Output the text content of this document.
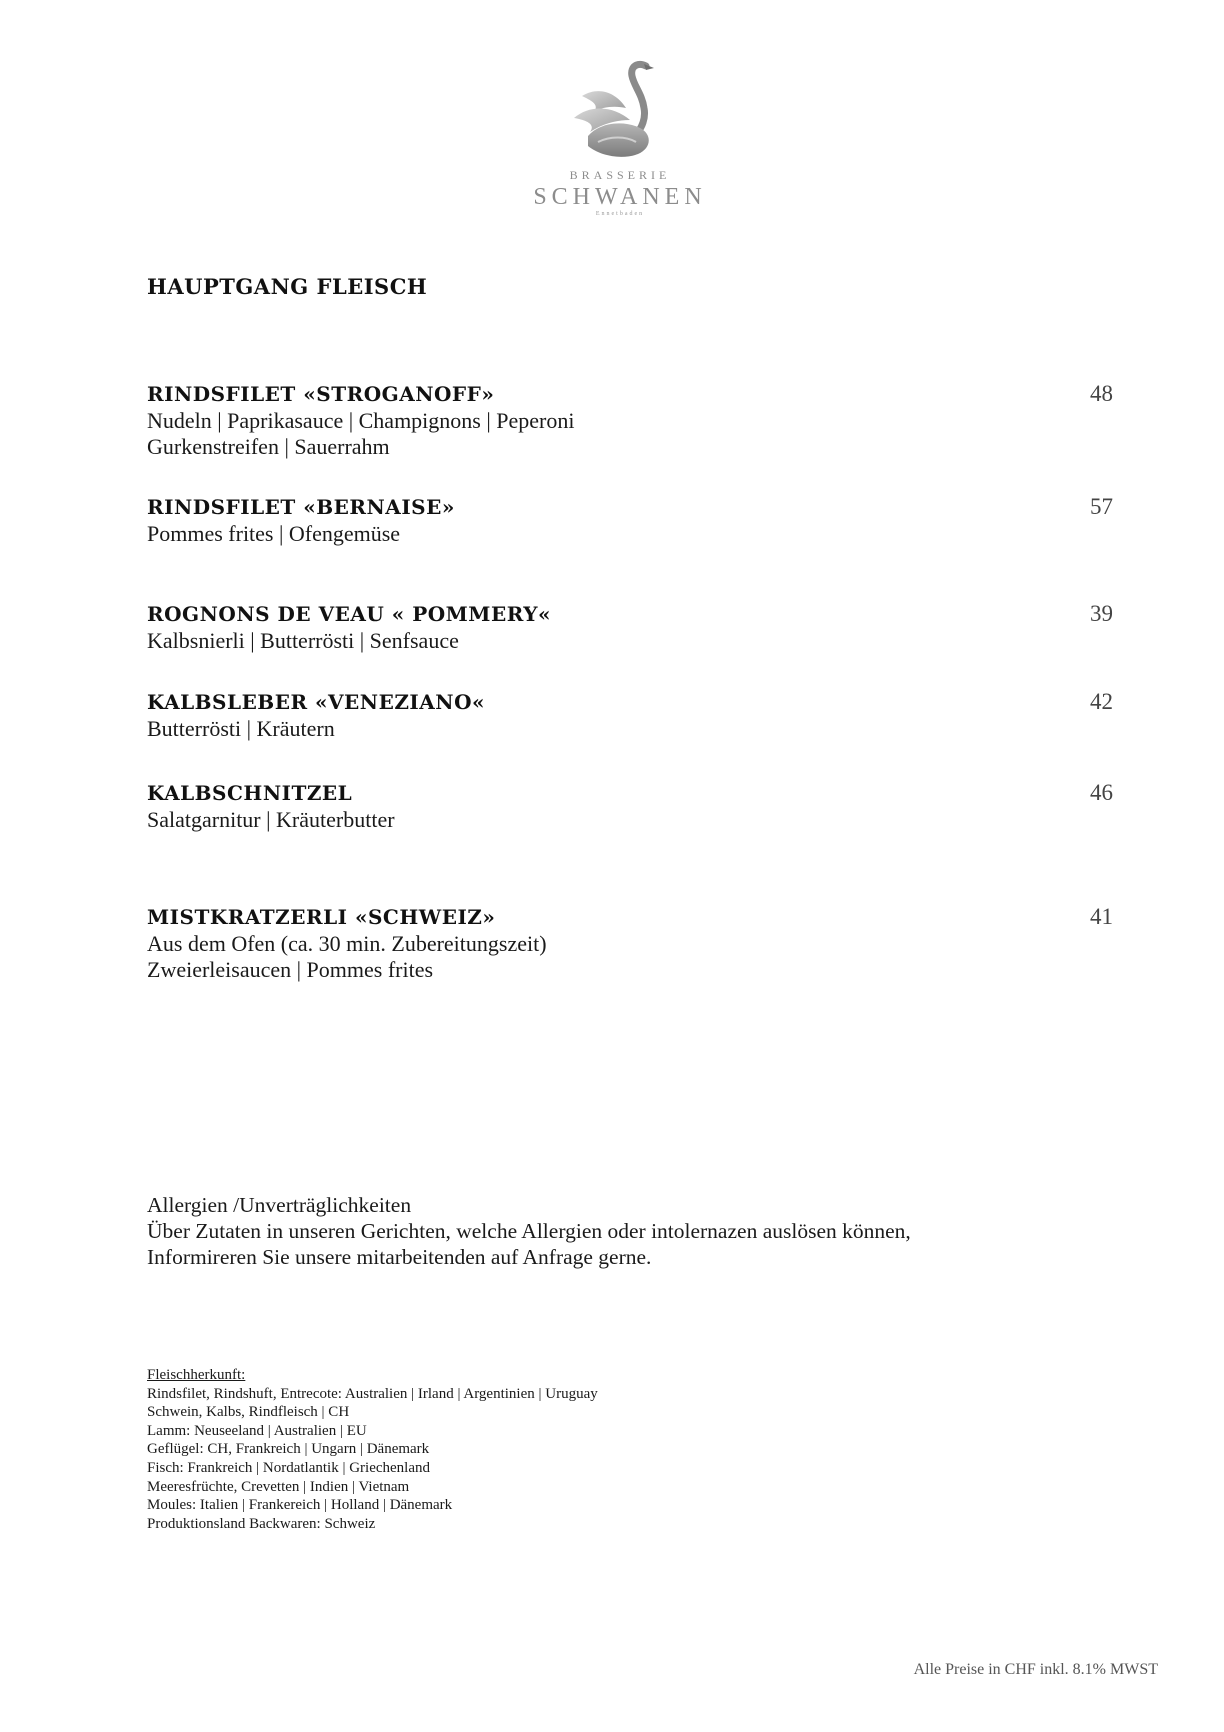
BRASSERIE
SCHWANEN
Ennetbaden
HAUPTGANG FLEISCH
RINDSFILET «STROGANOFF»
Nudeln | Paprikasauce | Champignons | Peperoni
Gurkenstreifen | Sauerrahm
48
RINDSFILET «BERNAISE»
Pommes frites | Ofengemüse
57
ROGNONS DE VEAU « POMMERY«
Kalbsnierli | Butterrösti | Senfsauce
39
KALBSLEBER «VENEZIANO«
Butterrösti | Kräutern
42
KALBSCHNITZEL
Salatgarnitur | Kräuterbutter
46
MISTKRATZERLI «SCHWEIZ»
Aus dem Ofen (ca. 30 min. Zubereitungszeit)
Zweierleisaucen | Pommes frites
41
Allergien /Unverträglichkeiten
Über Zutaten in unseren Gerichten, welche Allergien oder intolernazen auslösen können,
Informireren Sie unsere mitarbeitenden auf Anfrage gerne.
Fleischherkunft:
Rindsfilet, Rindshuft, Entrecote: Australien | Irland | Argentinien | Uruguay
Schwein, Kalbs, Rindfleisch | CH
Lamm: Neuseeland | Australien | EU
Geflügel: CH, Frankreich | Ungarn | Dänemark
Fisch: Frankreich | Nordatlantik | Griechenland
Meeresfrüchte, Crevetten | Indien | Vietnam
Moules: Italien | Frankereich | Holland | Dänemark
Produktionsland Backwaren: Schweiz
Alle Preise in CHF inkl. 8.1% MWST
